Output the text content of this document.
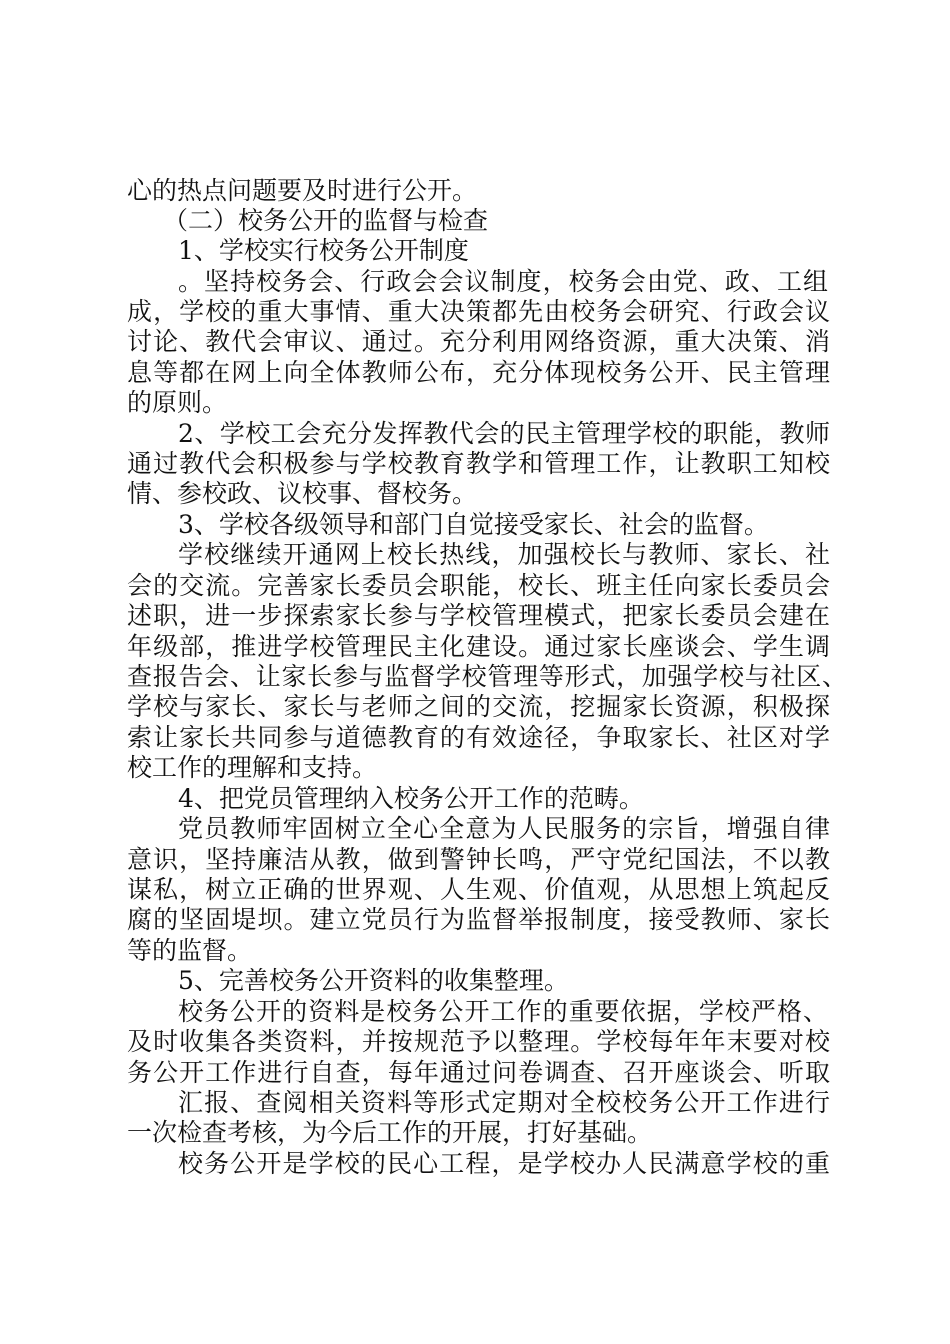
心的热点问题要及时进行公开。
（二）校务公开的监督与检查
1、学校实行校务公开制度
。坚持校务会、行政会会议制度，校务会由党、政、工组
成，学校的重大事情、重大决策都先由校务会研究、行政会议
讨论、教代会审议、通过。充分利用网络资源，重大决策、消
息等都在网上向全体教师公布，充分体现校务公开、民主管理
的原则。
2、学校工会充分发挥教代会的民主管理学校的职能，教师
通过教代会积极参与学校教育教学和管理工作，让教职工知校
情、参校政、议校事、督校务。
3、学校各级领导和部门自觉接受家长、社会的监督。
学校继续开通网上校长热线，加强校长与教师、家长、社
会的交流。完善家长委员会职能，校长、班主任向家长委员会
述职，进一步探索家长参与学校管理模式，把家长委员会建在
年级部，推进学校管理民主化建设。通过家长座谈会、学生调
查报告会、让家长参与监督学校管理等形式，加强学校与社区、
学校与家长、家长与老师之间的交流，挖掘家长资源，积极探
索让家长共同参与道德教育的有效途径，争取家长、社区对学
校工作的理解和支持。
4、把党员管理纳入校务公开工作的范畴。
党员教师牢固树立全心全意为人民服务的宗旨，增强自律
意识，坚持廉洁从教，做到警钟长鸣，严守党纪国法，不以教
谋私，树立正确的世界观、人生观、价值观，从思想上筑起反
腐的坚固堤坝。建立党员行为监督举报制度，接受教师、家长
等的监督。
5、完善校务公开资料的收集整理。
校务公开的资料是校务公开工作的重要依据，学校严格、
及时收集各类资料，并按规范予以整理。学校每年年末要对校
务公开工作进行自查，每年通过问卷调查、召开座谈会、听取
汇报、查阅相关资料等形式定期对全校校务公开工作进行
一次检查考核，为今后工作的开展，打好基础。
校务公开是学校的民心工程，是学校办人民满意学校的重
